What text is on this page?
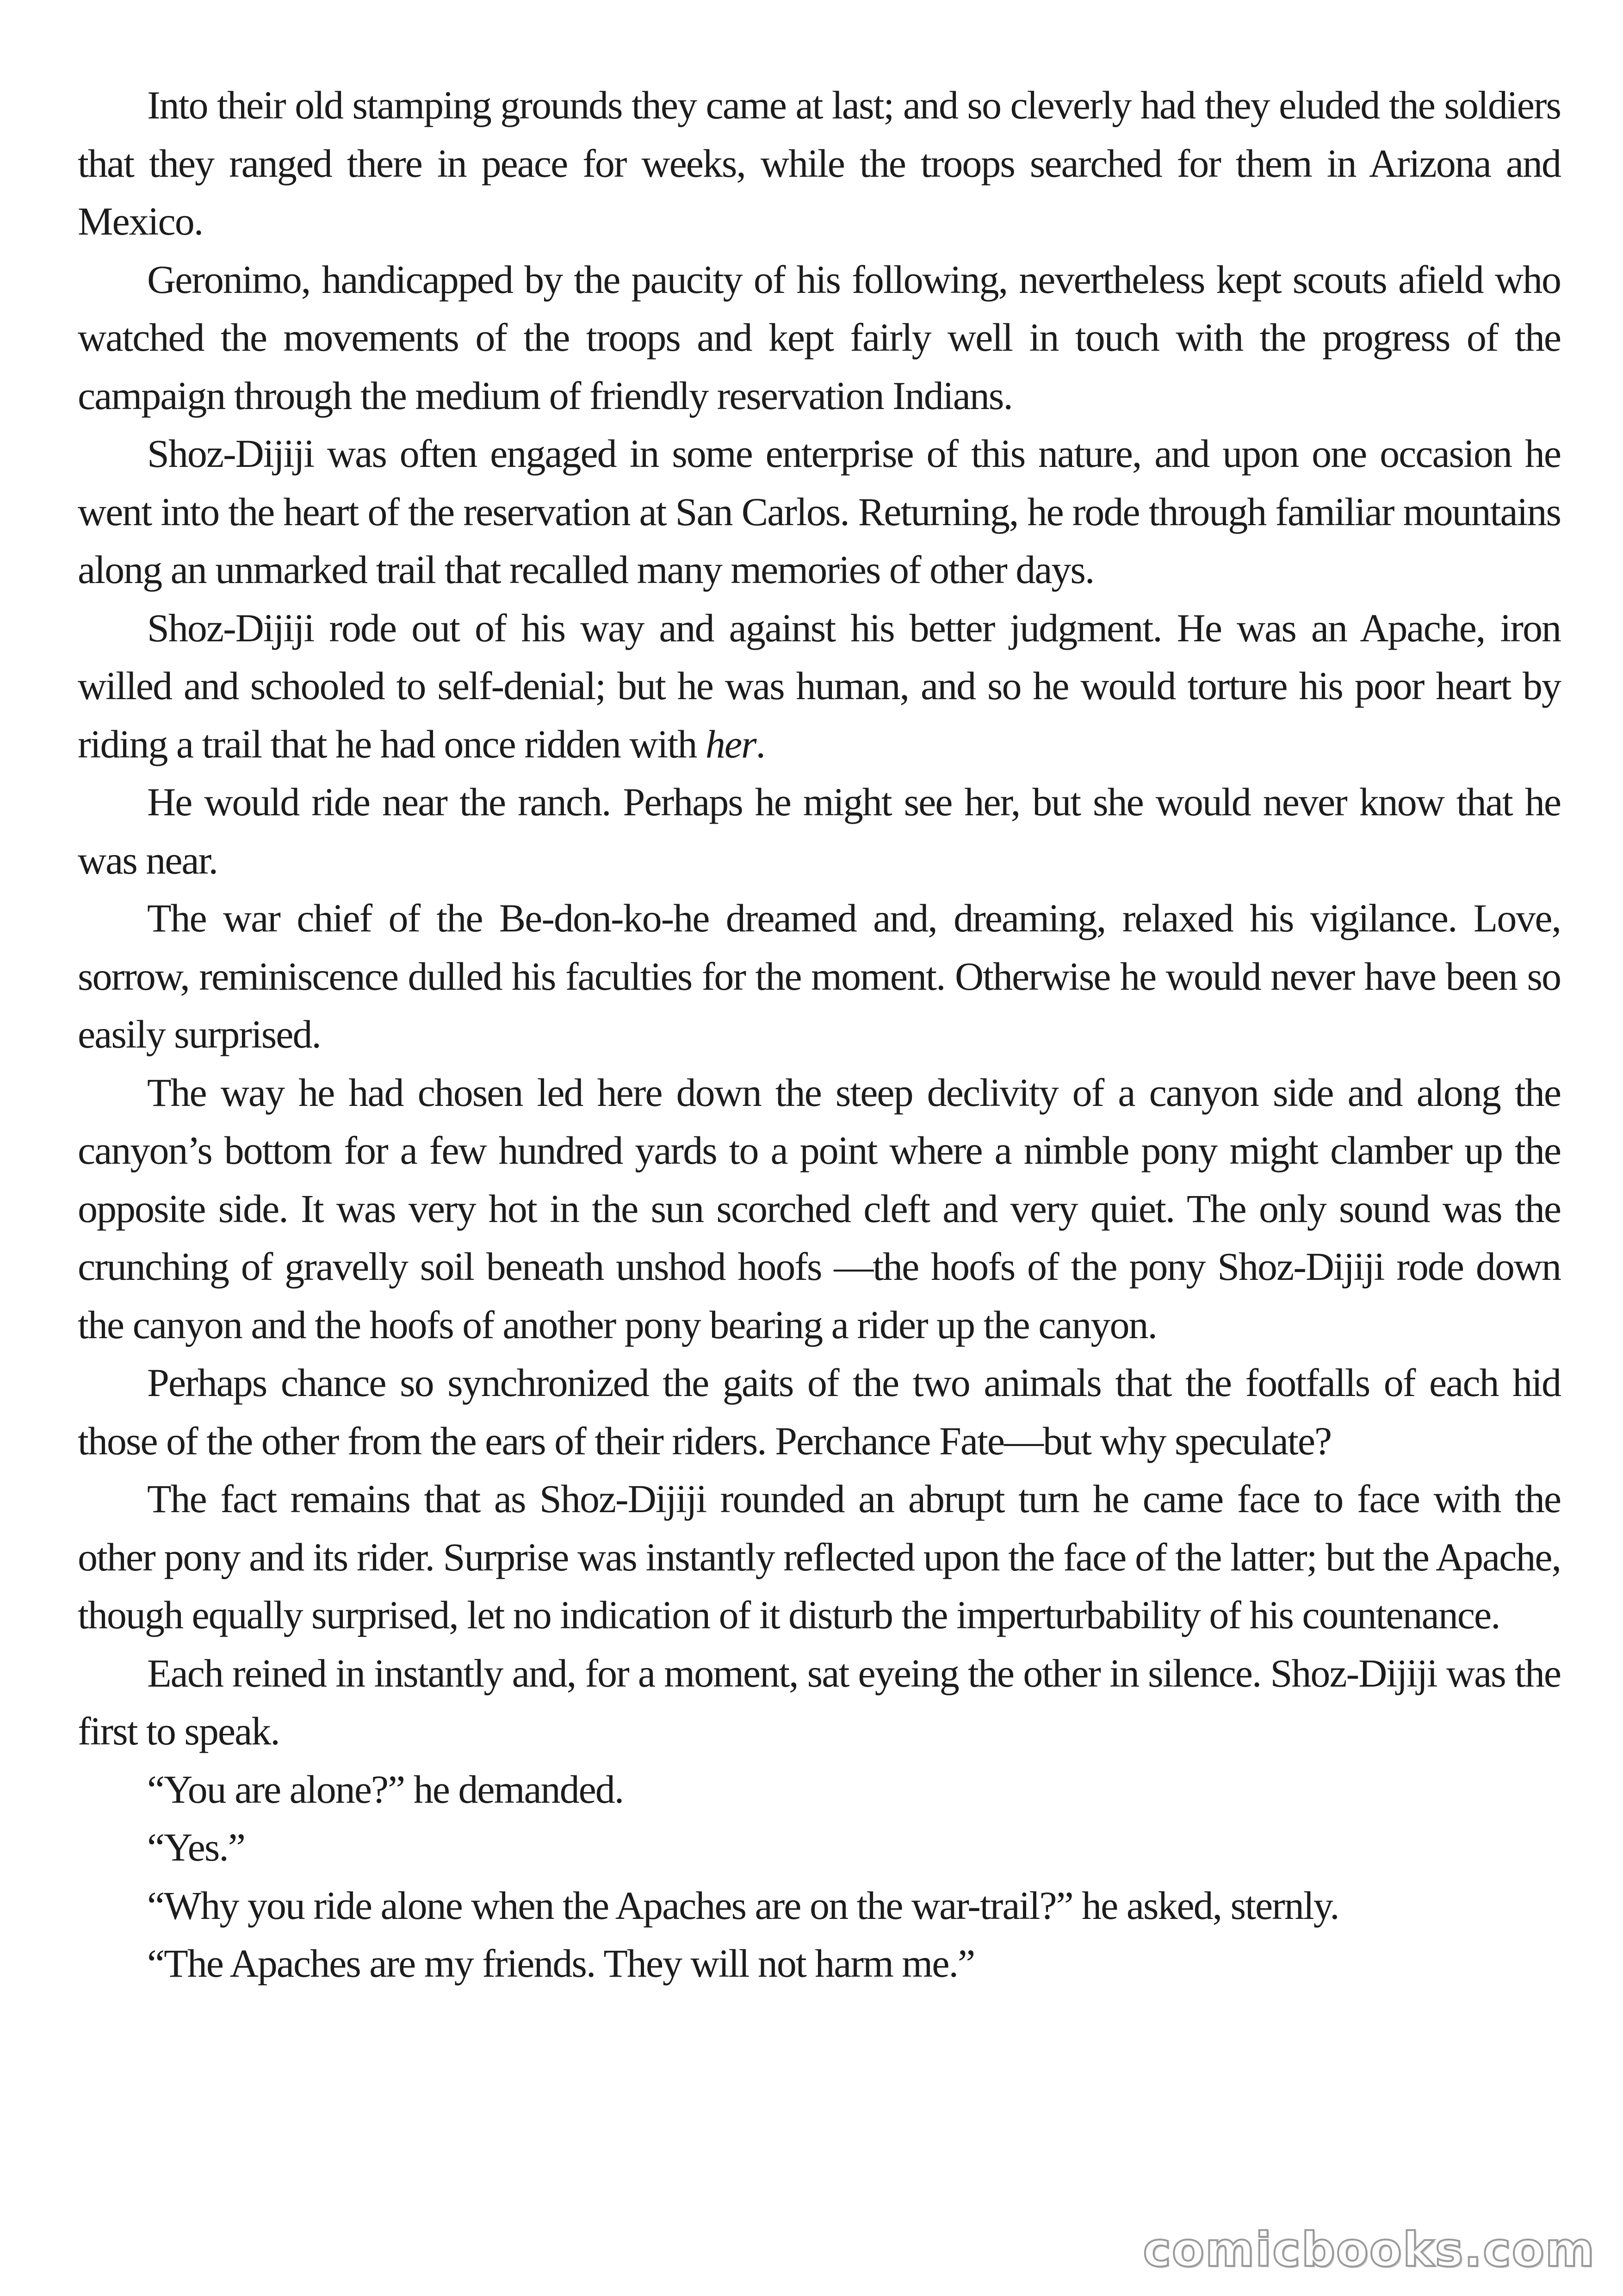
Into their old stamping grounds they came at last; and so cleverly had they eluded the soldiers that they ranged there in peace for weeks, while the troops searched for them in Arizona and Mexico.

Geronimo, handicapped by the paucity of his following, nevertheless kept scouts afield who watched the movements of the troops and kept fairly well in touch with the progress of the campaign through the medium of friendly reservation Indians.

Shoz-Dijiji was often engaged in some enterprise of this nature, and upon one occasion he went into the heart of the reservation at San Carlos. Returning, he rode through familiar mountains along an unmarked trail that recalled many memories of other days.

Shoz-Dijiji rode out of his way and against his better judgment. He was an Apache, iron willed and schooled to self-denial; but he was human, and so he would torture his poor heart by riding a trail that he had once ridden with her.

He would ride near the ranch. Perhaps he might see her, but she would never know that he was near.

The war chief of the Be-don-ko-he dreamed and, dreaming, relaxed his vigilance. Love, sorrow, reminiscence dulled his faculties for the moment. Otherwise he would never have been so easily surprised.

The way he had chosen led here down the steep declivity of a canyon side and along the canyon’s bottom for a few hundred yards to a point where a nimble pony might clamber up the opposite side. It was very hot in the sun scorched cleft and very quiet. The only sound was the crunching of gravelly soil beneath unshod hoofs —the hoofs of the pony Shoz-Dijiji rode down the canyon and the hoofs of another pony bearing a rider up the canyon.

Perhaps chance so synchronized the gaits of the two animals that the footfalls of each hid those of the other from the ears of their riders. Perchance Fate—but why speculate?

The fact remains that as Shoz-Dijiji rounded an abrupt turn he came face to face with the other pony and its rider. Surprise was instantly reflected upon the face of the latter; but the Apache, though equally surprised, let no indication of it disturb the imperturbability of his countenance.

Each reined in instantly and, for a moment, sat eyeing the other in silence. Shoz-Dijiji was the first to speak.

“You are alone?” he demanded.

“Yes.”

“Why you ride alone when the Apaches are on the war-trail?” he asked, sternly.

“The Apaches are my friends. They will not harm me.”

comicbooks.com
